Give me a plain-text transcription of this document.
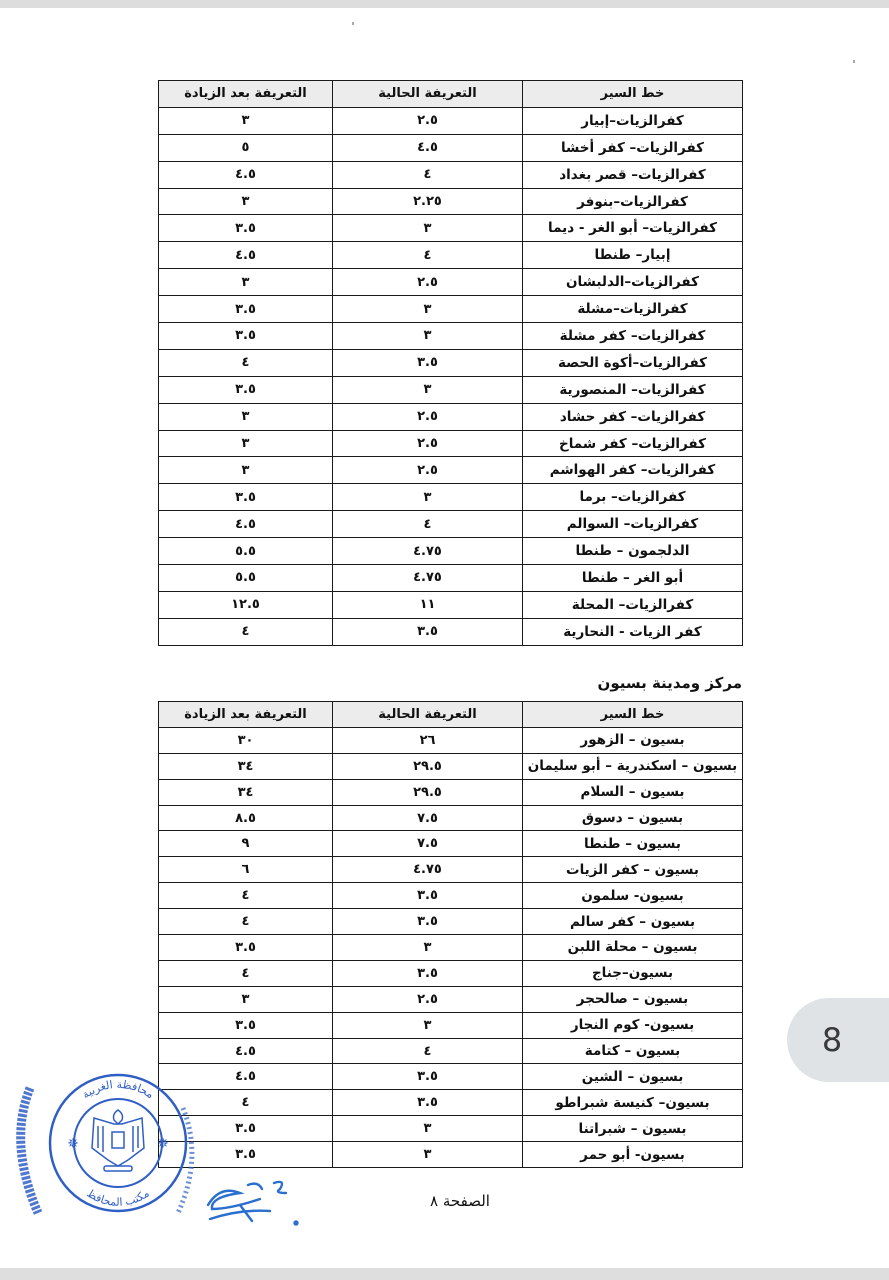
خط السير	التعريفة الحالية	التعريفة بعد الزيادة
كفرالزيات–إبيار	٢.٥	٣
كفرالزيات– كفر أخشا	٤.٥	٥
كفرالزيات– قصر بغداد	٤	٤.٥
كفرالزيات–بنوفر	٢.٢٥	٣
كفرالزيات– أبو الغر - ديما	٣	٣.٥
إبيار– طنطا	٤	٤.٥
كفرالزيات–الدلبشان	٢.٥	٣
كفرالزيات–مشلة	٣	٣.٥
كفرالزيات– كفر مشلة	٣	٣.٥
كفرالزيات–أكوة الحصة	٣.٥	٤
كفرالزيات– المنصورية	٣	٣.٥
كفرالزيات– كفر حشاد	٢.٥	٣
كفرالزيات– كفر شماخ	٢.٥	٣
كفرالزيات– كفر الهواشم	٢.٥	٣
كفرالزيات– برما	٣	٣.٥
كفرالزيات– السوالم	٤	٤.٥
الدلجمون – طنطا	٤.٧٥	٥.٥
أبو الغر – طنطا	٤.٧٥	٥.٥
كفرالزيات– المحلة	١١	١٢.٥
كفر الزيات - النحارية	٣.٥	٤
مركز ومدينة بسيون
خط السير	التعريفة الحالية	التعريفة بعد الزيادة
بسيون – الزهور	٢٦	٣٠
بسيون – اسكندرية – أبو سليمان	٢٩.٥	٣٤
بسيون – السلام	٢٩.٥	٣٤
بسيون – دسوق	٧.٥	٨.٥
بسيون – طنطا	٧.٥	٩
بسيون – كفر الزيات	٤.٧٥	٦
بسيون- سلمون	٣.٥	٤
بسيون – كفر سالم	٣.٥	٤
بسيون – محلة اللبن	٣	٣.٥
بسيون–جناج	٣.٥	٤
بسيون – صالحجر	٢.٥	٣
بسيون- كوم النجار	٣	٣.٥
بسيون – كتامة	٤	٤.٥
بسيون – الشين	٣.٥	٤.٥
بسيون– كنيسة شبراطو	٣.٥	٤
بسيون – شبراتنا	٣	٣.٥
بسيون- أبو حمر	٣	٣.٥
محافظة الغربية
مكتب المحافظ
✵	✵
الصفحة ٨
8
